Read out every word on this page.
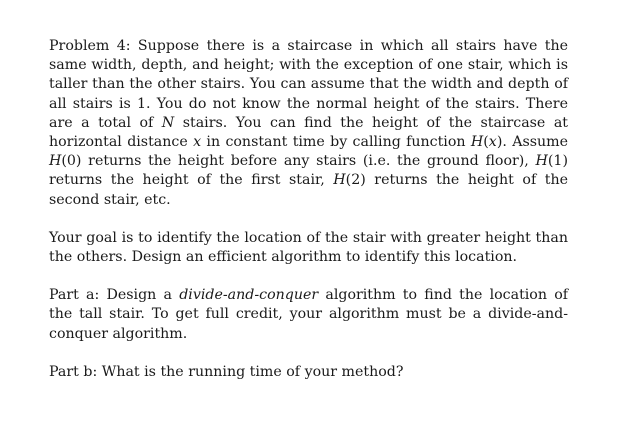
Problem 4: Suppose there is a staircase in which all stairs have the same width, depth, and height; with the exception of one stair, which is taller than the other stairs. You can assume that the width and depth of all stairs is 1. You do not know the normal height of the stairs. There are a total of N stairs. You can find the height of the staircase at horizontal distance x in constant time by calling function H(x). Assume H(0) returns the height before any stairs (i.e. the ground floor), H(1) returns the height of the first stair, H(2) returns the height of the second stair, etc.

Your goal is to identify the location of the stair with greater height than the others. Design an efficient algorithm to identify this location.

Part a: Design a divide-and-conquer algorithm to find the location of the tall stair. To get full credit, your algorithm must be a divide-and-conquer algorithm.

Part b: What is the running time of your method?
